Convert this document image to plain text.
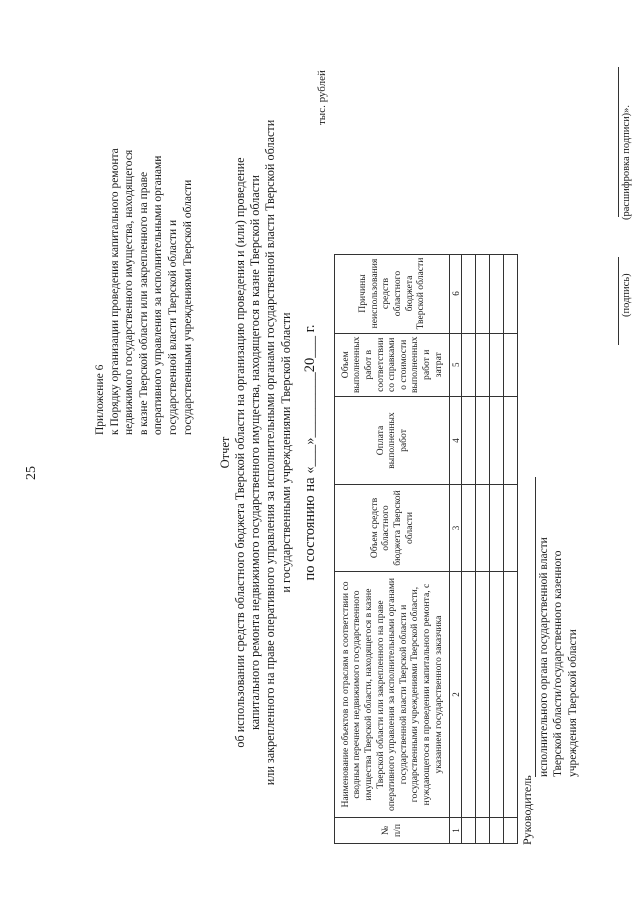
25
Приложение 6 к Порядку организации проведения капитального ремонта недвижимого государственного имущества, находящегося в казне Тверской области или закрепленного на праве оперативного управления за исполнительными органами государственной власти Тверской области и государственными учреждениями Тверской области
Отчет об использовании средств областного бюджета Тверской области на организацию проведения и (или) проведение капитального ремонта недвижимого государственного имущества, находящегося в казне Тверской области или закрепленного на праве оперативного управления за исполнительными органами государственной власти Тверской области и государственными учреждениями Тверской области по состоянию на «___»_________20___ г.
тыс. рублей
№ п/п	Наименование объектов по отраслям в соответствии со сводным перечнем недвижимого государственного имущества Тверской области, находящегося в казне Тверской области или закрепленного на праве оперативного управления за исполнительными органами государственной власти Тверской области и государственными учреждениями Тверской области, нуждающегося в проведении капитального ремонта, с указанием государственного заказчика	Объем средств областного бюджета Тверской области	Оплата выполненных работ	Объем выполненных работ в соответствии со справками о стоимости выполненных работ и затрат	Причины неиспользования средств областного бюджета Тверской области
1	2	3	4	5	6

Руководитель
исполнительного органа государственной власти Тверской области/государственного казенного учреждения Тверской области
(подпись)
(расшифровка подписи)».
